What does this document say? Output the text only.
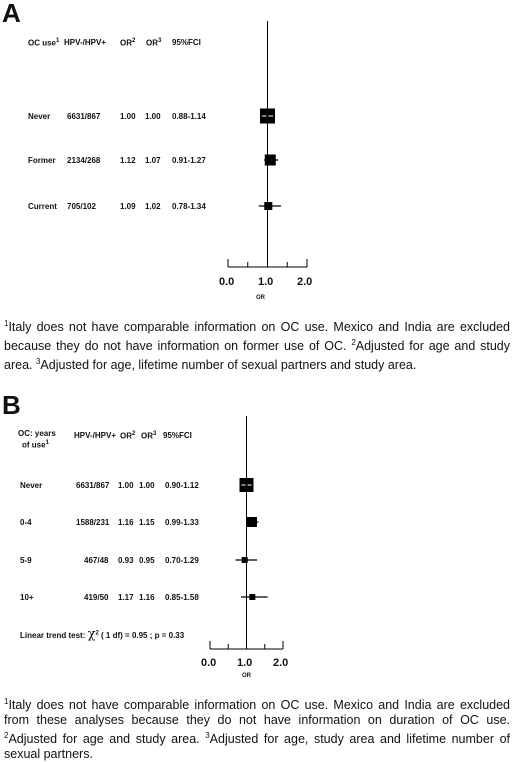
A
OC use$^1$ $HPV-/HPV+ OR^2$ $OR^3$ 95%FCI
Never 6631/867 1.00 1.00 0.88-1.14
Former 2134/268 1.12 1.07 0.91-1.27
Current 705/102	1.09 1.02 0.78-1.34
0.0 1.0 2.0
OR
$^1$Italy does not have comparable information on OC use. Mexico and India are excluded because they do not have information on former use of OC. $^2$Adjusted for age and study area. $^3$Adjusted for age, lifetime number of sexual partners and study area.
B
OC: years
of use$^1$
$HPV-/HPV+ OR^2$ $OR^3$ 95%FCI
Never	6631/867 1.00 1.00 0.90-1.12
0-4	1588/231 1.16 1.15 0.99-1.33
5-9	467/48 0.93 0.95 0.70-1.29
10+	419/50 1.17 1.16 0.85-1.58
Linear trend test: $\chi^2$ ( 1 df) = 0.95 ; p = 0.33
0.0 1.0 2.0
OR
$^1$Italy does not have comparable information on OC use. Mexico and India are excluded from these analyses because they do not have information on duration of OC use. $^2$Adjusted for age and study area. $^3$Adjusted for age, study area and lifetime number of sexual partners.
